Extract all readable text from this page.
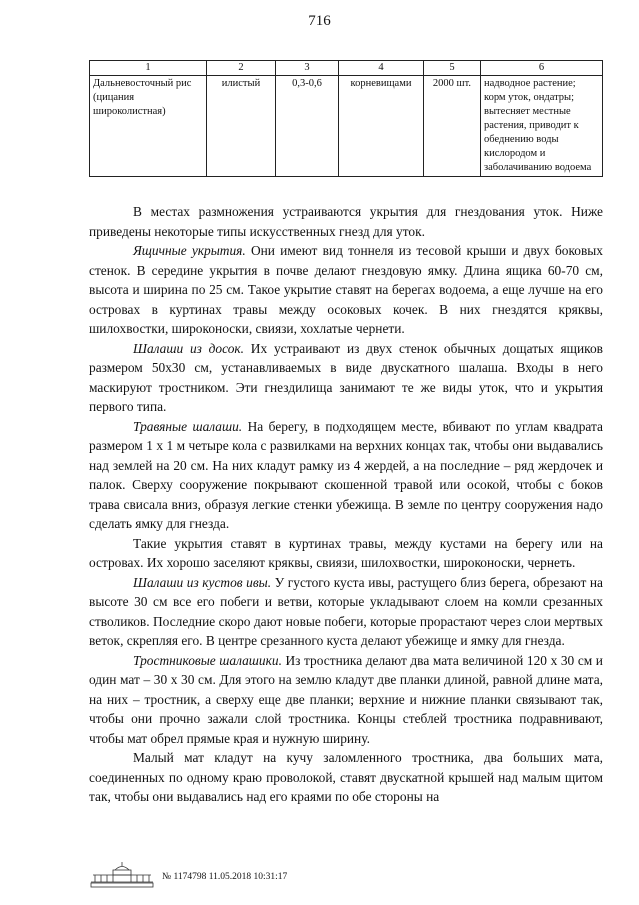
716
1	2	3	4	5	6
Дальневосточный рис (цицания широколистная)	илистый	0,3-0,6	корневищами	2000 шт.	надводное растение; корм уток, ондатры; вытесняет местные растения, приводит к обеднению воды кислородом и заболачиванию водоема

В местах размножения устраиваются укрытия для гнездования уток. Ниже приведены некоторые типы искусственных гнезд для уток.

Ящичные укрытия. Они имеют вид тоннеля из тесовой крыши и двух боковых стенок. В середине укрытия в почве делают гнездовую ямку. Длина ящика 60-70 см, высота и ширина по 25 см. Такое укрытие ставят на берегах водоема, а еще лучше на его островах в куртинах травы между осоковых кочек. В них гнездятся кряквы, шилохвостки, широконоски, свиязи, хохлатые чернети.

Шалаши из досок. Их устраивают из двух стенок обычных дощатых ящиков размером 50х30 см, устанавливаемых в виде двускатного шалаша. Входы в него маскируют тростником. Эти гнездилища занимают те же виды уток, что и укрытия первого типа.

Травяные шалаши. На берегу, в подходящем месте, вбивают по углам квадрата размером 1 х 1 м четыре кола с развилками на верхних концах так, чтобы они выдавались над землей на 20 см. На них кладут рамку из 4 жердей, а на последние – ряд жердочек и палок. Сверху сооружение покрывают скошенной травой или осокой, чтобы с боков трава свисала вниз, образуя легкие стенки убежища. В земле по центру сооружения надо сделать ямку для гнезда.

Такие укрытия ставят в куртинах травы, между кустами на берегу или на островах. Их хорошо заселяют кряквы, свиязи, шилохвостки, широконоски, чернеть.

Шалаши из кустов ивы. У густого куста ивы, растущего близ берега, обрезают на высоте 30 см все его побеги и ветви, которые укладывают слоем на комли срезанных стволиков. Последние скоро дают новые побеги, которые прорастают через слои мертвых веток, скрепляя его. В центре срезанного куста делают убежище и ямку для гнезда.

Тростниковые шалашики. Из тростника делают два мата величиной 120 х 30 см и один мат – 30 х 30 см. Для этого на землю кладут две планки длиной, равной длине мата, на них – тростник, а сверху еще две планки; верхние и нижние планки связывают так, чтобы они прочно зажали слой тростника. Концы стеблей тростника подравнивают, чтобы мат обрел прямые края и нужную ширину.

Малый мат кладут на кучу заломленного тростника, два больших мата, соединенных по одному краю проволокой, ставят двускатной крышей над малым щитом так, чтобы они выдавались над его краями по обе стороны на

№ 1174798 11.05.2018 10:31:17
